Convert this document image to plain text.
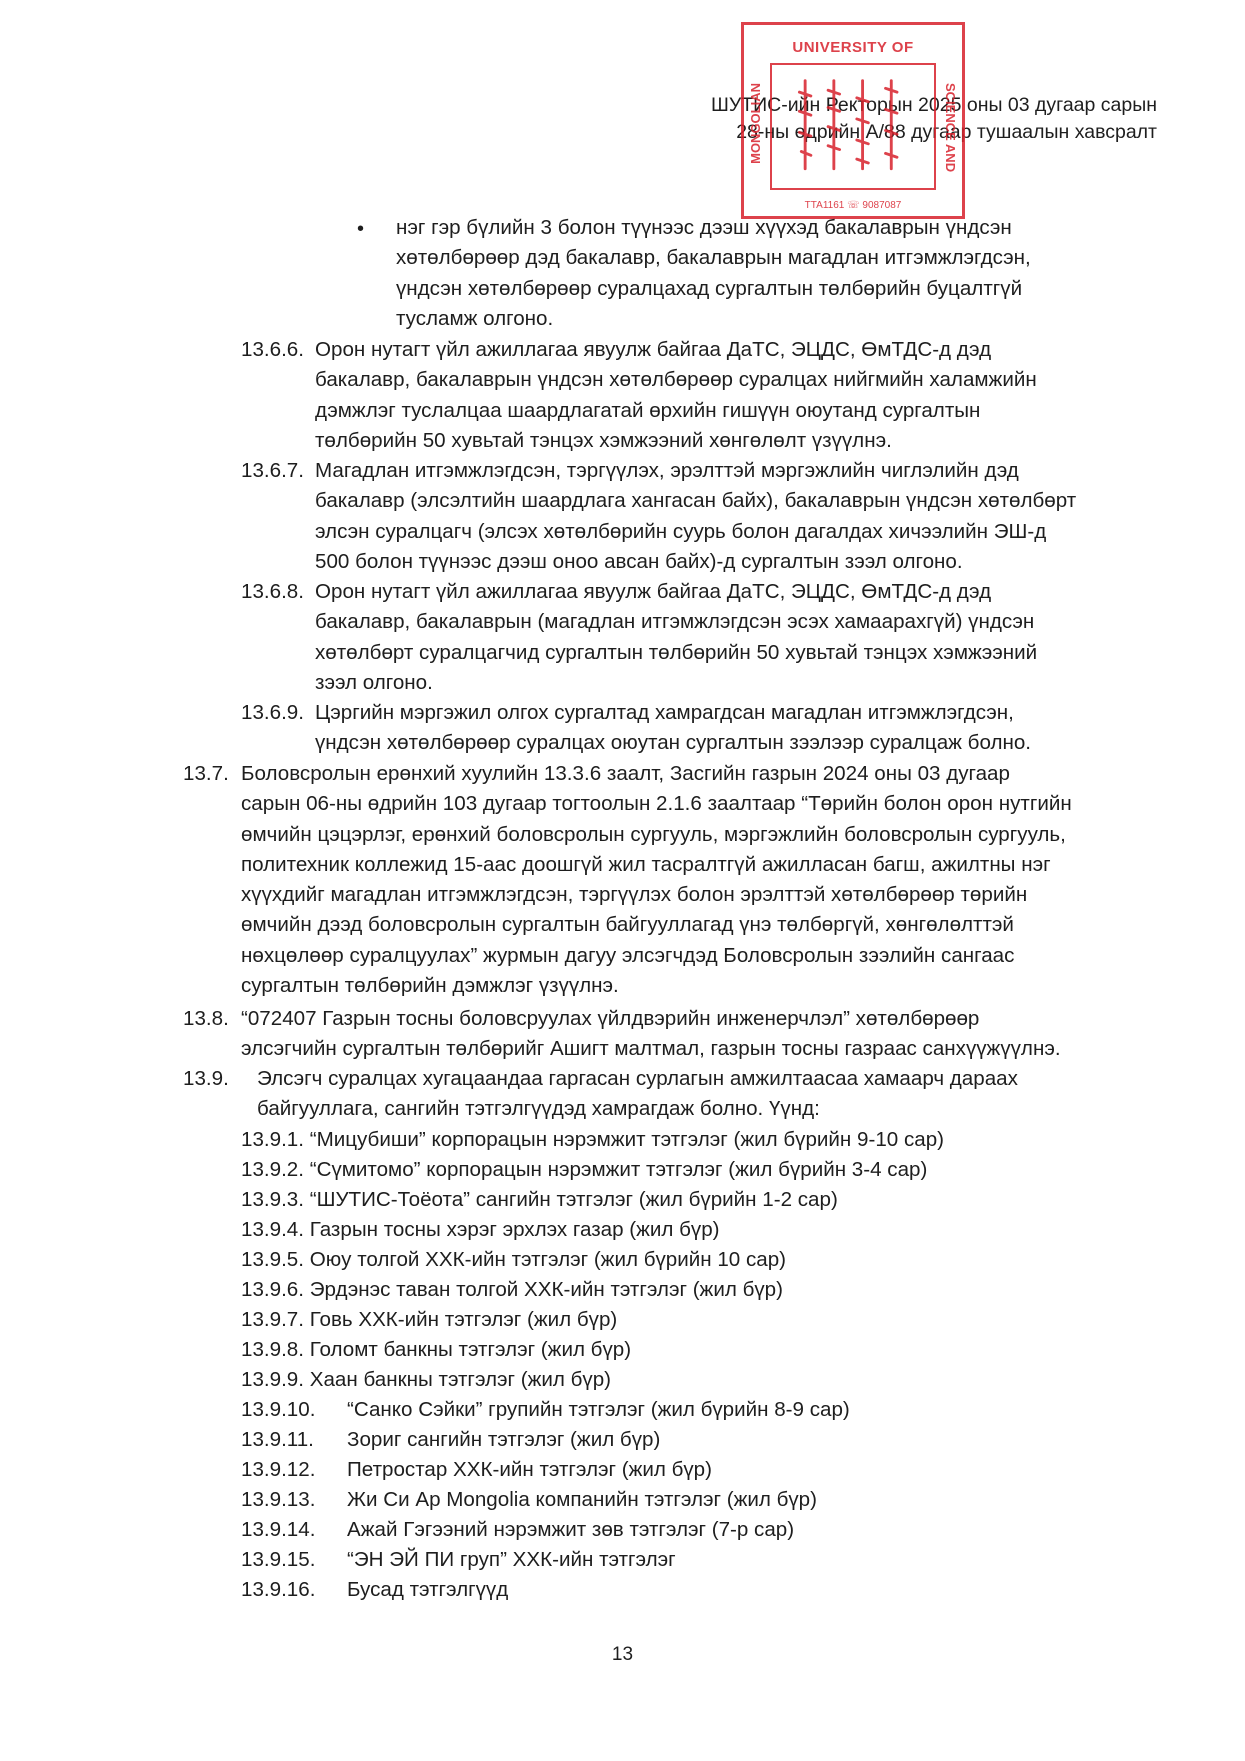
ШУТИС-ийн Ректорын 2025 оны 03 дугаар сарын
28-ны өдрийн А/88 дугаар тушаалын хавсралт
UNIVERSITY OF
MONGOLIAN	SCIENCE AND
TTA1161 ☏ 9087087
• нэг гэр бүлийн 3 болон түүнээс дээш хүүхэд бакалаврын үндсэн

хөтөлбөрөөр дэд бакалавр, бакалаврын магадлан итгэмжлэгдсэн,

үндсэн хөтөлбөрөөр суралцахад сургалтын төлбөрийн буцалтгүй

тусламж олгоно.

13.6.6. Орон нутагт үйл ажиллагаа явуулж байгаа ДаТС, ЭЦДС, ӨмТДС-д дэд

бакалавр, бакалаврын үндсэн хөтөлбөрөөр суралцах нийгмийн халамжийн

дэмжлэг туслалцаа шаардлагатай өрхийн гишүүн оюутанд сургалтын

төлбөрийн 50 хувьтай тэнцэх хэмжээний хөнгөлөлт үзүүлнэ.

13.6.7. Магадлан итгэмжлэгдсэн, тэргүүлэх, эрэлттэй мэргэжлийн чиглэлийн дэд

бакалавр (элсэлтийн шаардлага хангасан байх), бакалаврын үндсэн хөтөлбөрт

элсэн суралцагч (элсэх хөтөлбөрийн суурь болон дагалдах хичээлийн ЭШ-д

500 болон түүнээс дээш оноо авсан байх)-д сургалтын зээл олгоно.

13.6.8. Орон нутагт үйл ажиллагаа явуулж байгаа ДаТС, ЭЦДС, ӨмТДС-д дэд

бакалавр, бакалаврын (магадлан итгэмжлэгдсэн эсэх хамаарахгүй) үндсэн

хөтөлбөрт суралцагчид сургалтын төлбөрийн 50 хувьтай тэнцэх хэмжээний

зээл олгоно.

13.6.9. Цэргийн мэргэжил олгох сургалтад хамрагдсан магадлан итгэмжлэгдсэн,

үндсэн хөтөлбөрөөр суралцах оюутан сургалтын зээлээр суралцаж болно.

13.7. Боловсролын ерөнхий хуулийн 13.3.6 заалт, Засгийн газрын 2024 оны 03 дугаар

сарын 06-ны өдрийн 103 дугаар тогтоолын 2.1.6 заалтаар “Төрийн болон орон нутгийн

өмчийн цэцэрлэг, ерөнхий боловсролын сургууль, мэргэжлийн боловсролын сургууль,

политехник коллежид 15-аас доошгүй жил тасралтгүй ажилласан багш, ажилтны нэг

хүүхдийг магадлан итгэмжлэгдсэн, тэргүүлэх болон эрэлттэй хөтөлбөрөөр төрийн

өмчийн дээд боловсролын сургалтын байгууллагад үнэ төлбөргүй, хөнгөлөлттэй

нөхцөлөөр суралцуулах” журмын дагуу элсэгчдэд Боловсролын зээлийн сангаас

сургалтын төлбөрийн дэмжлэг үзүүлнэ.

13.8. “072407 Газрын тосны боловсруулах үйлдвэрийн инженерчлэл” хөтөлбөрөөр

элсэгчийн сургалтын төлбөрийг Ашигт малтмал, газрын тосны газраас санхүүжүүлнэ.

13.9. Элсэгч суралцах хугацаандаа гаргасан сурлагын амжилтаасаа хамаарч дараах

байгууллага, сангийн тэтгэлгүүдэд хамрагдаж болно. Үүнд:

13.9.1. “Мицубиши” корпорацын нэрэмжит тэтгэлэг (жил бүрийн 9-10 сар)
13.9.2. “Сүмитомо” корпорацын нэрэмжит тэтгэлэг (жил бүрийн 3-4 сар)
13.9.3. “ШУТИС-Тоёота” сангийн тэтгэлэг (жил бүрийн 1-2 сар)
13.9.4. Газрын тосны хэрэг эрхлэх газар (жил бүр)
13.9.5. Оюу толгой ХХК-ийн тэтгэлэг (жил бүрийн 10 сар)
13.9.6. Эрдэнэс таван толгой ХХК-ийн тэтгэлэг (жил бүр)
13.9.7. Говь ХХК-ийн тэтгэлэг (жил бүр)
13.9.8. Голомт банкны тэтгэлэг (жил бүр)
13.9.9. Хаан банкны тэтгэлэг (жил бүр)
13.9.10. “Санко Сэйки” групийн тэтгэлэг (жил бүрийн 8-9 сар)
13.9.11. Зориг сангийн тэтгэлэг (жил бүр)
13.9.12. Петростар ХХК-ийн тэтгэлэг (жил бүр)
13.9.13. Жи Си Ар Mongolia компанийн тэтгэлэг (жил бүр)
13.9.14. Ажай Гэгээний нэрэмжит зөв тэтгэлэг (7-р сар)
13.9.15. “ЭН ЭЙ ПИ груп” ХХК-ийн тэтгэлэг
13.9.16. Бусад тэтгэлгүүд
13
